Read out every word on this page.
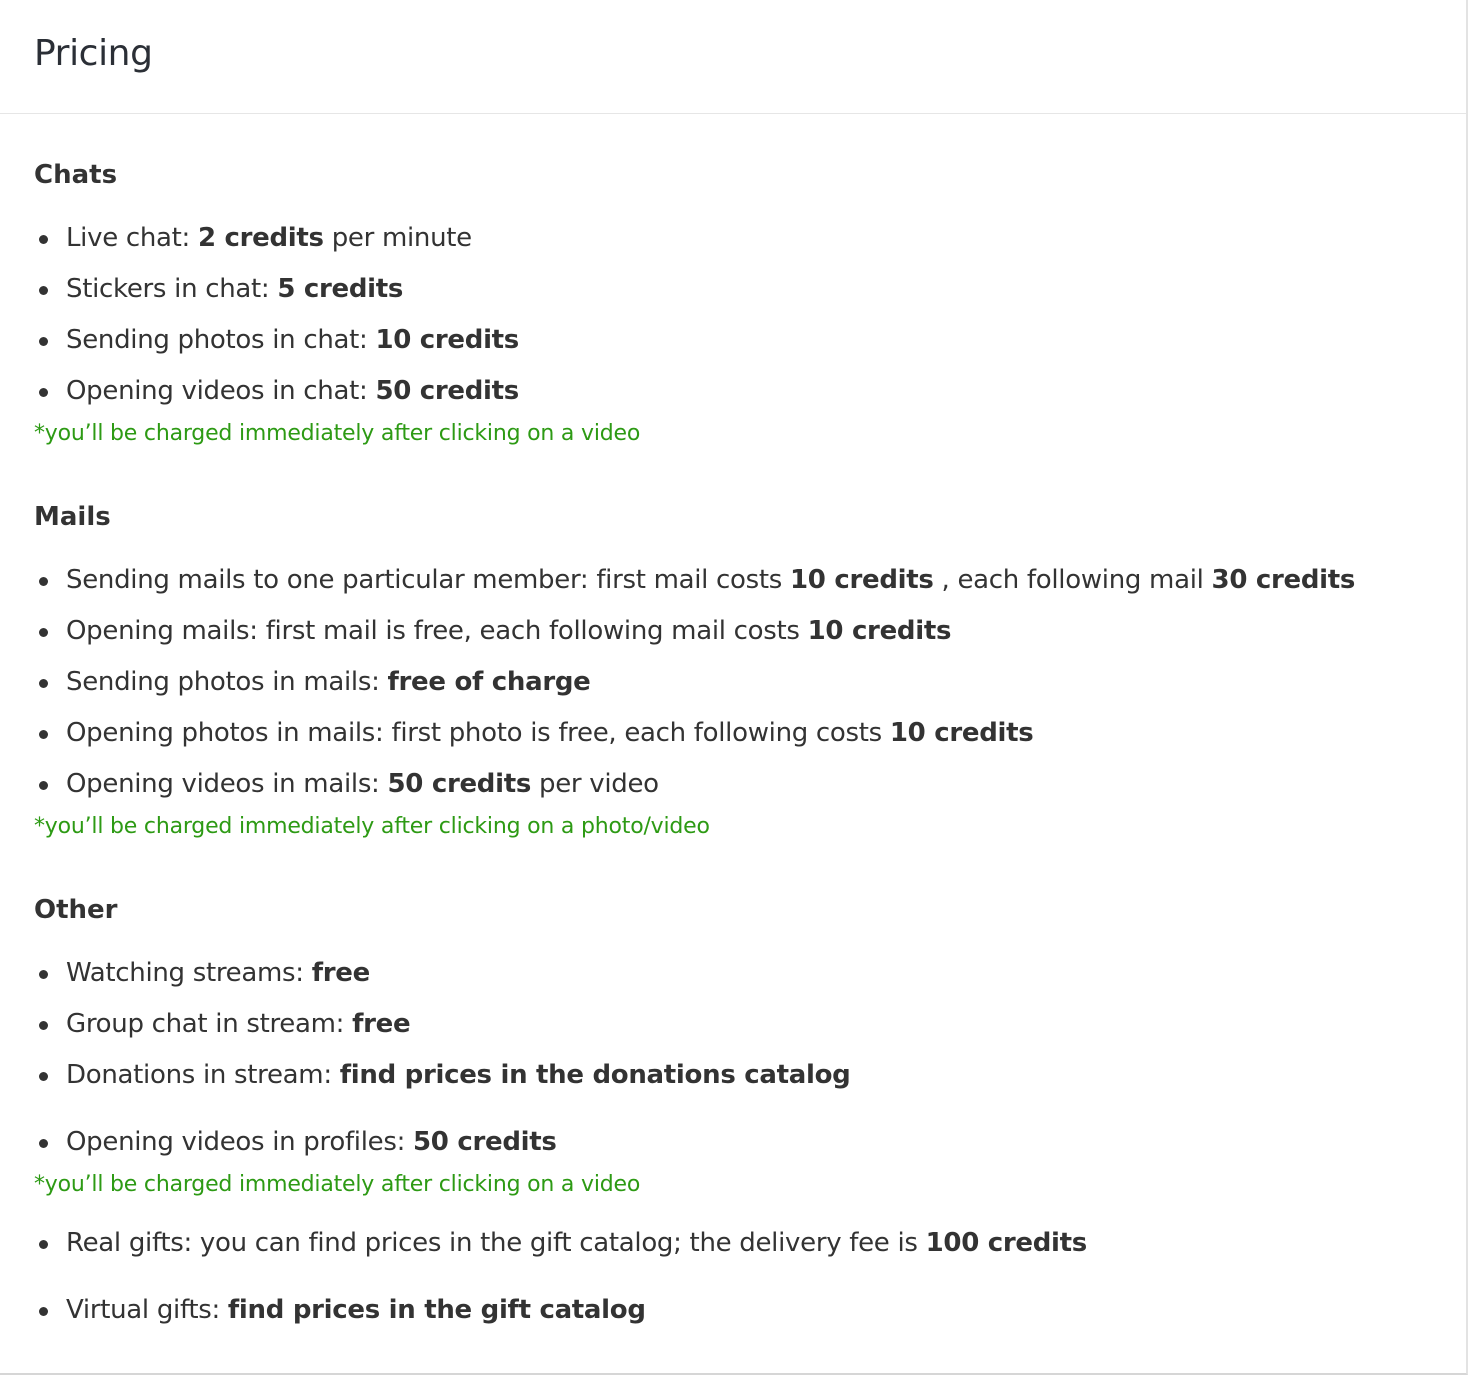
Pricing
Chats
Live chat: 2 credits per minute
Stickers in chat: 5 credits
Sending photos in chat: 10 credits
Opening videos in chat: 50 credits
*you’ll be charged immediately after clicking on a video
Mails
Sending mails to one particular member: first mail costs 10 credits , each following mail 30 credits
Opening mails: first mail is free, each following mail costs 10 credits
Sending photos in mails: free of charge
Opening photos in mails: first photo is free, each following costs 10 credits
Opening videos in mails: 50 credits per video
*you’ll be charged immediately after clicking on a photo/video
Other
Watching streams: free
Group chat in stream: free
Donations in stream: find prices in the donations catalog
Opening videos in profiles: 50 credits
*you’ll be charged immediately after clicking on a video
Real gifts: you can find prices in the gift catalog; the delivery fee is 100 credits
Virtual gifts: find prices in the gift catalog
